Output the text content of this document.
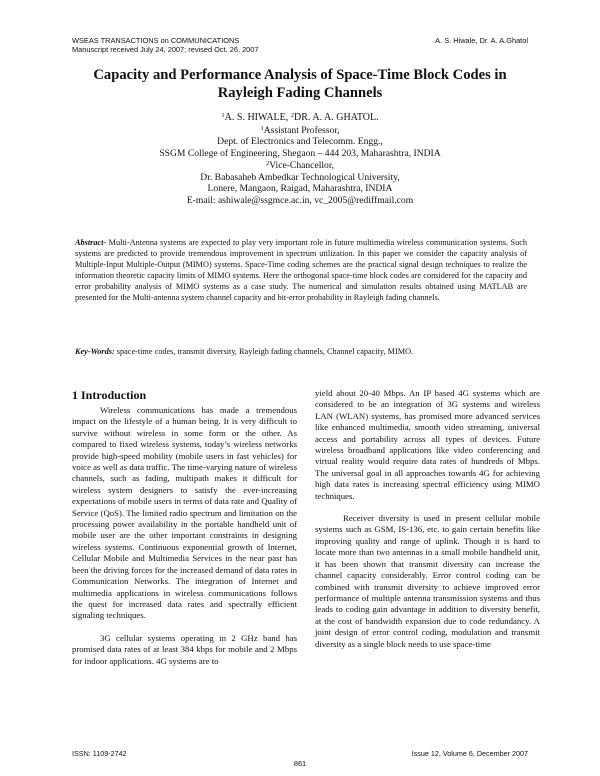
WSEAS TRANSACTIONS on COMMUNICATIONS
Manuscript received July 24, 2007; revised Oct. 26, 2007
A. S. Hiwale, Dr. A. A.Ghatol
Capacity and Performance Analysis of Space-Time Block Codes in
Rayleigh Fading Channels
$^1$A. S. HIWALE, $^2$DR. A. A. GHATOL.
$^1$Assistant Professor,
Dept. of Electronics and Telecomm. Engg.,
SSGM College of Engineering, Shegaon – 444 203, Maharashtra, INDIA
$^2$Vice-Chancellor,
Dr. Babasaheb Ambedkar Technological University,
Lonere, Mangaon, Raigad, Maharashtra, INDIA
E-mail: ashiwale@ssgmce.ac.in, vc_2005@rediffmail.com
Abstract- Multi-Antenna systems are expected to play very important role in future multimedia wireless communication systems. Such systems are predicted to provide tremendous improvement in spectrum utilization. In this paper we consider the capacity analysis of Multiple-Input Multiple-Output (MIMO) systems. Space-Time coding schemes are the practical signal design techniques to realize the information theoretic capacity limits of MIMO systems. Here the orthogonal space-time block codes are considered for the capacity and error probability analysis of MIMO systems as a case study. The numerical and simulation results obtained using MATLAB are presented for the Multi-antenna system channel capacity and bit-error probability in Rayleigh fading channels.
Key-Words: space-time codes, transmit diversity, Rayleigh fading channels, Channel capacity, MIMO.
1 Introduction

Wireless communications has made a tremendous impact on the lifestyle of a human being. It is very difficult to survive without wireless in some form or the other. As compared to fixed wireless systems, today’s wireless networks provide high-speed mobility (mobile users in fast vehicles) for voice as well as data traffic. The time-varying nature of wireless channels, such as fading, multipath makes it difficult for wireless system designers to satisfy the ever-increasing expectations of mobile users in terms of data rate and Quality of Service (QoS). The limited radio spectrum and limitation on the processing power availability in the portable handheld unit of mobile user are the other important constraints in designing wireless systems. Continuous exponential growth of Internet, Cellular Mobile and Multimedia Services in the near past has been the driving forces for the increased demand of data rates in Communication Networks. The integration of Internet and multimedia applications in wireless communications follows the quest for increased data rates and spectrally efficient signaling techniques.

3G cellular systems operating in 2 GHz band has promised data rates of at least 384 kbps for mobile and 2 Mbps for indoor applications. 4G systems are to

yield about 20-40 Mbps. An IP based 4G systems which are considered to be an integration of 3G systems and wireless LAN (WLAN) systems, has promised more advanced services like enhanced multimedia, smooth video streaming, universal access and portability across all types of devices. Future wireless broadband applications like video conferencing and virtual reality would require data rates of hundreds of Mbps. The universal goal in all approaches towards 4G for achieving high data rates is increasing spectral efficiency using MIMO techniques.

Receiver diversity is used in present cellular mobile systems such as GSM, IS-136, etc. to gain certain benefits like improving quality and range of uplink. Though it is hard to locate more than two antennas in a small mobile handheld unit, it has been shown that transmit diversity can increase the channel capacity considerably. Error control coding can be combined with transmit diversity to achieve improved error performance of multiple antenna transmission systems and thus leads to coding gain advantage in addition to diversity benefit, at the cost of bandwidth expansion due to code redundancy. A joint design of error control coding, modulation and transmit diversity as a single block needs to use space-time

ISSN: 1109-2742	Issue 12, Volume 6, December 2007
861
